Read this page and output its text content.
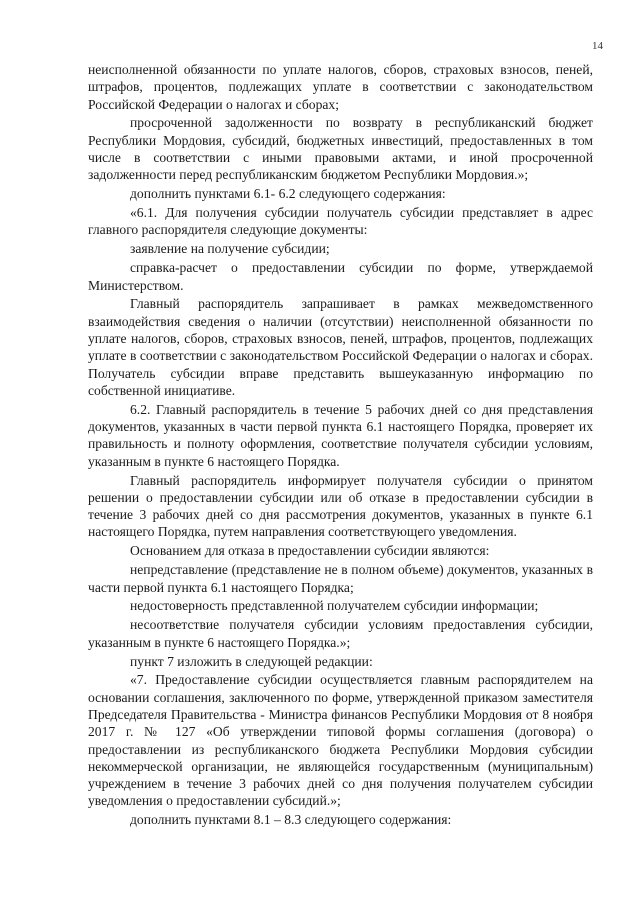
14

неисполненной обязанности по уплате налогов, сборов, страховых взносов, пеней, штрафов, процентов, подлежащих уплате в соответствии с законодательством Российской Федерации о налогах и сборах;

просроченной задолженности по возврату в республиканский бюджет Республики Мордовия, субсидий, бюджетных инвестиций, предоставленных в том числе в соответствии с иными правовыми актами, и иной просроченной задолженности перед республиканским бюджетом Республики Мордовия.»;

дополнить пунктами 6.1- 6.2 следующего содержания:

«6.1. Для получения субсидии получатель субсидии представляет в адрес главного распорядителя следующие документы:

заявление на получение субсидии;

справка-расчет о предоставлении субсидии по форме, утверждаемой Министерством.

Главный распорядитель запрашивает в рамках межведомственного взаимодействия сведения о наличии (отсутствии) неисполненной обязанности по уплате налогов, сборов, страховых взносов, пеней, штрафов, процентов, подлежащих уплате в соответствии с законодательством Российской Федерации о налогах и сборах. Получатель субсидии вправе представить вышеуказанную информацию по собственной инициативе.

6.2. Главный распорядитель в течение 5 рабочих дней со дня представления документов, указанных в части первой пункта 6.1 настоящего Порядка, проверяет их правильность и полноту оформления, соответствие получателя субсидии условиям, указанным в пункте 6 настоящего Порядка.

Главный распорядитель информирует получателя субсидии о принятом решении о предоставлении субсидии или об отказе в предоставлении субсидии в течение 3 рабочих дней со дня рассмотрения документов, указанных в пункте 6.1 настоящего Порядка, путем направления соответствующего уведомления.

Основанием для отказа в предоставлении субсидии являются:

непредставление (представление не в полном объеме) документов, указанных в части первой пункта 6.1 настоящего Порядка;

недостоверность представленной получателем субсидии информации;

несоответствие получателя субсидии условиям предоставления субсидии, указанным в пункте 6 настоящего Порядка.»;

пункт 7 изложить в следующей редакции:

«7. Предоставление субсидии осуществляется главным распорядителем на основании соглашения, заключенного по форме, утвержденной приказом заместителя Председателя Правительства - Министра финансов Республики Мордовия от 8 ноября 2017 г. № 127 «Об утверждении типовой формы соглашения (договора) о предоставлении из республиканского бюджета Республики Мордовия субсидии некоммерческой организации, не являющейся государственным (муниципальным) учреждением в течение 3 рабочих дней со дня получения получателем субсидии уведомления о предоставлении субсидий.»;

дополнить пунктами 8.1 – 8.3 следующего содержания:
